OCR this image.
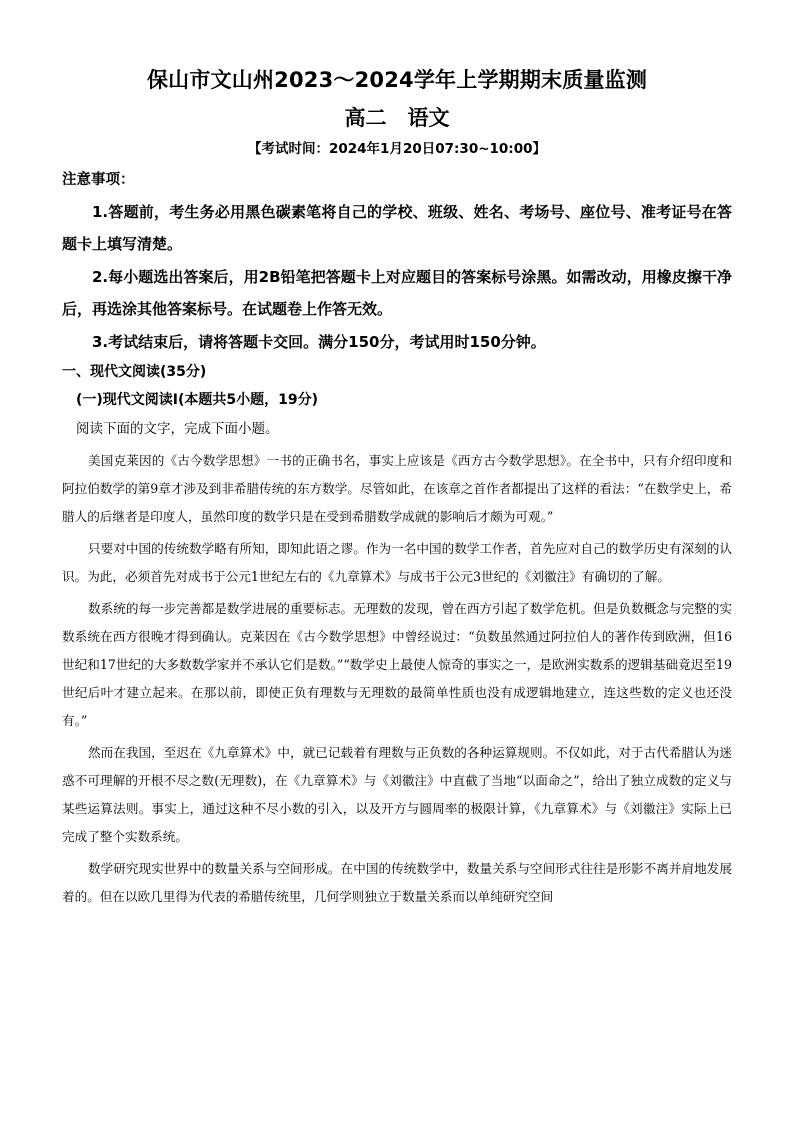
保山市文山州2023～2024学年上学期期末质量监测
高二　语文
【考试时间：2024年1月20日07:30~10:00】
注意事项：
1.答题前，考生务必用黑色碳素笔将自己的学校、班级、姓名、考场号、座位号、准考证号在答题卡上填写清楚。
2.每小题选出答案后，用2B铅笔把答题卡上对应题目的答案标号涂黑。如需改动，用橡皮擦干净后，再选涂其他答案标号。在试题卷上作答无效。
3.考试结束后，请将答题卡交回。满分150分，考试用时150分钟。
一、现代文阅读(35分)
(一)现代文阅读Ⅰ(本题共5小题，19分)
阅读下面的文字，完成下面小题。

美国克莱因的《古今数学思想》一书的正确书名，事实上应该是《西方古今数学思想》。在全书中，只有介绍印度和阿拉伯数学的第9章才涉及到非希腊传统的东方数学。尽管如此，在该章之首作者都提出了这样的看法：“在数学史上，希腊人的后继者是印度人，虽然印度的数学只是在受到希腊数学成就的影响后才颇为可观。”

只要对中国的传统数学略有所知，即知此语之谬。作为一名中国的数学工作者，首先应对自己的数学历史有深刻的认识。为此，必须首先对成书于公元1世纪左右的《九章算术》与成书于公元3世纪的《刘徽注》有确切的了解。

数系统的每一步完善都是数学进展的重要标志。无理数的发现，曾在西方引起了数学危机。但是负数概念与完整的实数系统在西方很晚才得到确认。克莱因在《古今数学思想》中曾经说过：“负数虽然通过阿拉伯人的著作传到欧洲，但16世纪和17世纪的大多数数学家并不承认它们是数。”“数学史上最使人惊奇的事实之一，是欧洲实数系的逻辑基础竟迟至19世纪后叶才建立起来。在那以前，即使正负有理数与无理数的最简单性质也没有成逻辑地建立，连这些数的定义也还没有。”

然而在我国，至迟在《九章算术》中，就已记载着有理数与正负数的各种运算规则。不仅如此，对于古代希腊认为迷惑不可理解的开根不尽之数(无理数)，在《九章算术》与《刘徽注》中直截了当地“以面命之”，给出了独立成数的定义与某些运算法则。事实上，通过这种不尽小数的引入，以及开方与圆周率的极限计算，《九章算术》与《刘徽注》实际上已完成了整个实数系统。

数学研究现实世界中的数量关系与空间形成。在中国的传统数学中，数量关系与空间形式往往是形影不离并肩地发展着的。但在以欧几里得为代表的希腊传统里，几何学则独立于数量关系而以单纯研究空间
